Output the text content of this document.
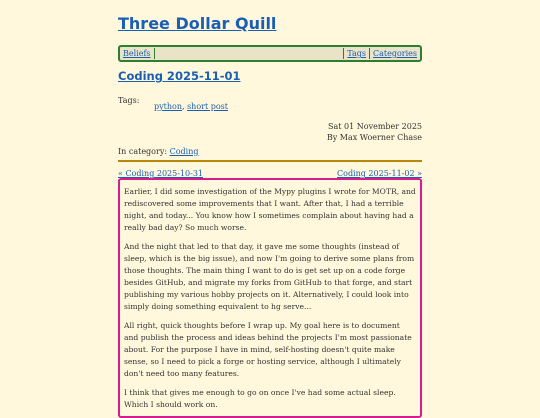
Three Dollar Quill
Beliefs	Tags Categories
Coding 2025-11-01
Tags:
python, short post
Sat 01 November 2025
By Max Woerner Chase
In category: Coding
« Coding 2025-10-31	Coding 2025-11-02 »

Earlier, I did some investigation of the Mypy plugins I wrote for MOTR, and rediscovered some improvements that I want. After that, I had a terrible night, and today... You know how I sometimes complain about having had a really bad day? So much worse.

And the night that led to that day, it gave me some thoughts (instead of sleep, which is the big issue), and now I'm going to derive some plans from those thoughts. The main thing I want to do is get set up on a code forge besides GitHub, and migrate my forks from GitHub to that forge, and start publishing my various hobby projects on it. Alternatively, I could look into simply doing something equivalent to hg serve...

All right, quick thoughts before I wrap up. My goal here is to document and publish the process and ideas behind the projects I'm most passionate about. For the purpose I have in mind, self-hosting doesn't quite make sense, so I need to pick a forge or hosting service, although I ultimately don't need too many features.

I think that gives me enough to go on once I've had some actual sleep. Which I should work on.
